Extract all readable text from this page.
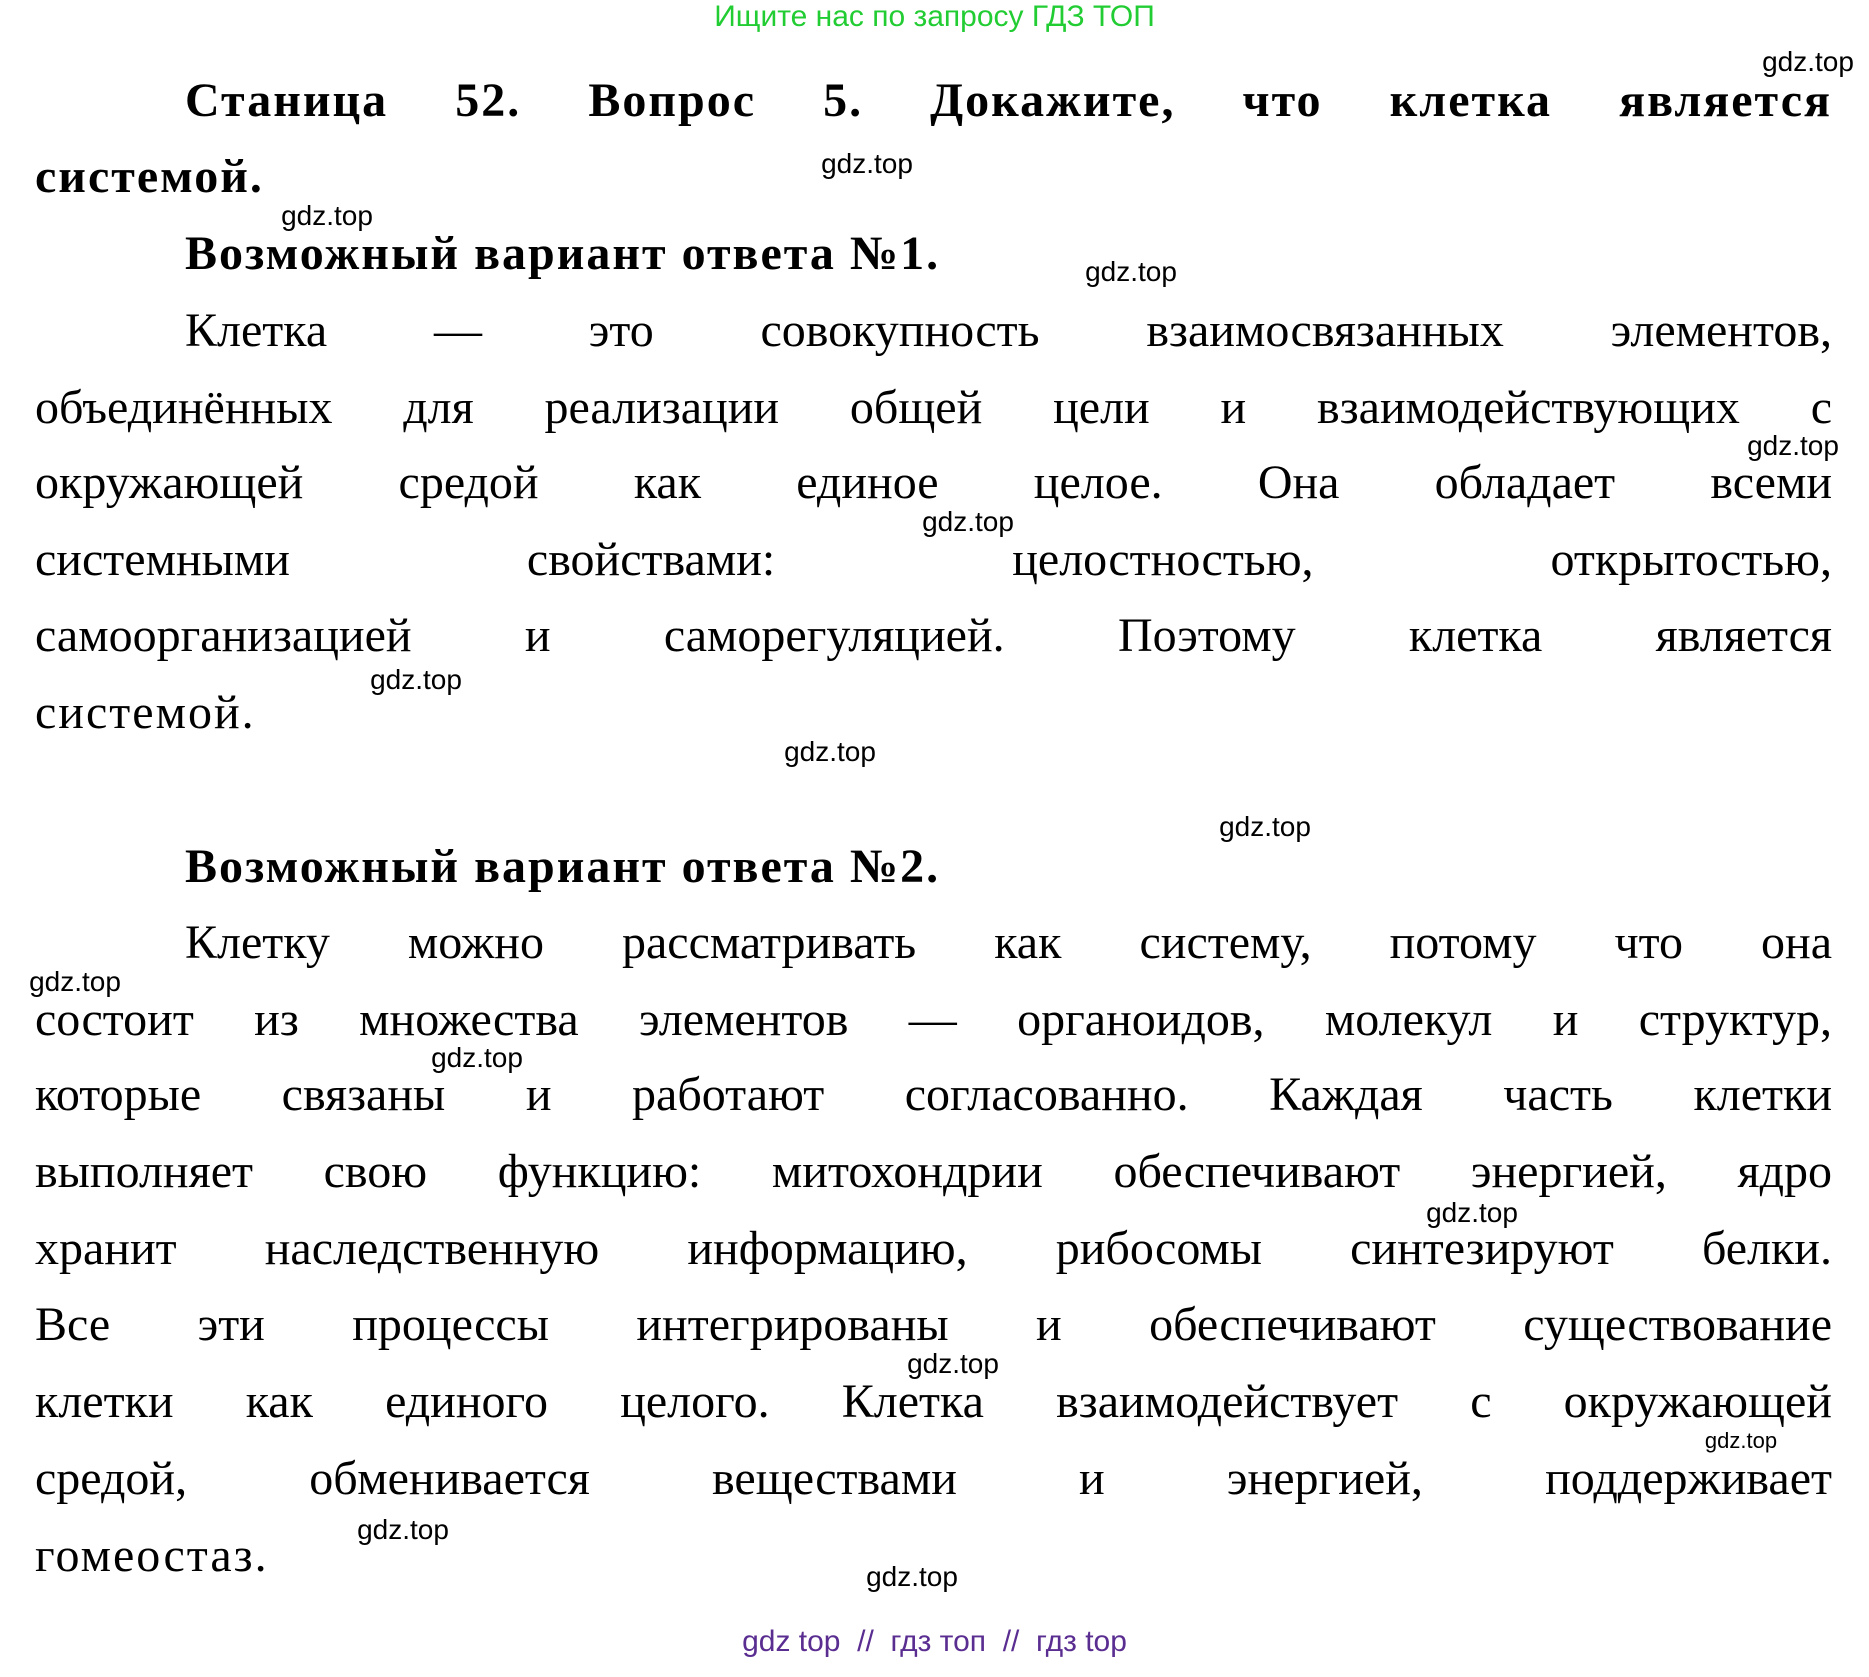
Ищите нас по запросу ГДЗ ТОП
Станица 52. Вопрос 5. Докажите, что клетка является
системой.
Возможный вариант ответа №1.
Клетка — это совокупность взаимосвязанных элементов,
объединённых для реализации общей цели и взаимодействующих с
окружающей средой как единое целое. Она обладает всеми
системными свойствами: целостностью, открытостью,
самоорганизацией и саморегуляцией. Поэтому клетка является
системой.
Возможный вариант ответа №2.
Клетку можно рассматривать как систему, потому что она
состоит из множества элементов — органоидов, молекул и структур,
которые связаны и работают согласованно. Каждая часть клетки
выполняет свою функцию: митохондрии обеспечивают энергией, ядро
хранит наследственную информацию, рибосомы синтезируют белки.
Все эти процессы интегрированы и обеспечивают существование
клетки как единого целого. Клетка взаимодействует с окружающей
средой, обменивается веществами и энергией, поддерживает
гомеостаз.
gdz.top
gdz.top
gdz.top
gdz.top
gdz.top
gdz.top
gdz.top
gdz.top
gdz.top
gdz.top
gdz.top
gdz.top
gdz.top
gdz.top
gdz.top
gdz.top
gdz top  //  гдз топ  //  гдз top
